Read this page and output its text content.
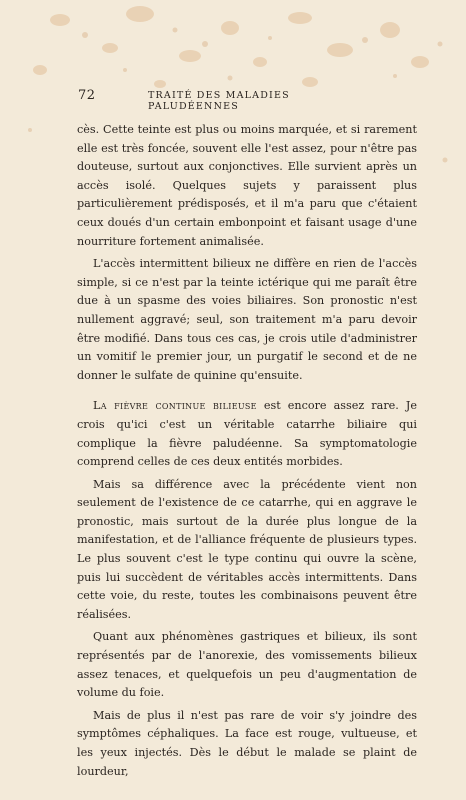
72	TRAITÉ DES MALADIES PALUDÉENNES

cès. Cette teinte est plus ou moins marquée, et si rarement elle est très foncée, souvent elle l'est assez, pour n'être pas douteuse, surtout aux conjonctives. Elle survient après un accès isolé. Quelques sujets y paraissent plus particulièrement prédisposés, et il m'a paru que c'étaient ceux doués d'un certain embonpoint et faisant usage d'une nourriture fortement animalisée.

L'accès intermittent bilieux ne diffère en rien de l'accès simple, si ce n'est par la teinte ictérique qui me paraît être due à un spasme des voies biliaires. Son pronostic n'est nullement aggravé; seul, son traitement m'a paru devoir être modifié. Dans tous ces cas, je crois utile d'administrer un vomitif le premier jour, un purgatif le second et de ne donner le sulfate de quinine qu'ensuite.

La fièvre continue bilieuse est encore assez rare. Je crois qu'ici c'est un véritable catarrhe biliaire qui complique la fièvre paludéenne. Sa symptomatologie comprend celles de ces deux entités morbides.

Mais sa différence avec la précédente vient non seulement de l'existence de ce catarrhe, qui en aggrave le pronostic, mais surtout de la durée plus longue de la manifestation, et de l'alliance fréquente de plusieurs types. Le plus souvent c'est le type continu qui ouvre la scène, puis lui succèdent de véritables accès intermittents. Dans cette voie, du reste, toutes les combinaisons peuvent être réalisées.

Quant aux phénomènes gastriques et bilieux, ils sont représentés par de l'anorexie, des vomissements bilieux assez tenaces, et quelquefois un peu d'augmentation de volume du foie.

Mais de plus il n'est pas rare de voir s'y joindre des symptômes céphaliques. La face est rouge, vultueuse, et les yeux injectés. Dès le début le malade se plaint de lourdeur,
